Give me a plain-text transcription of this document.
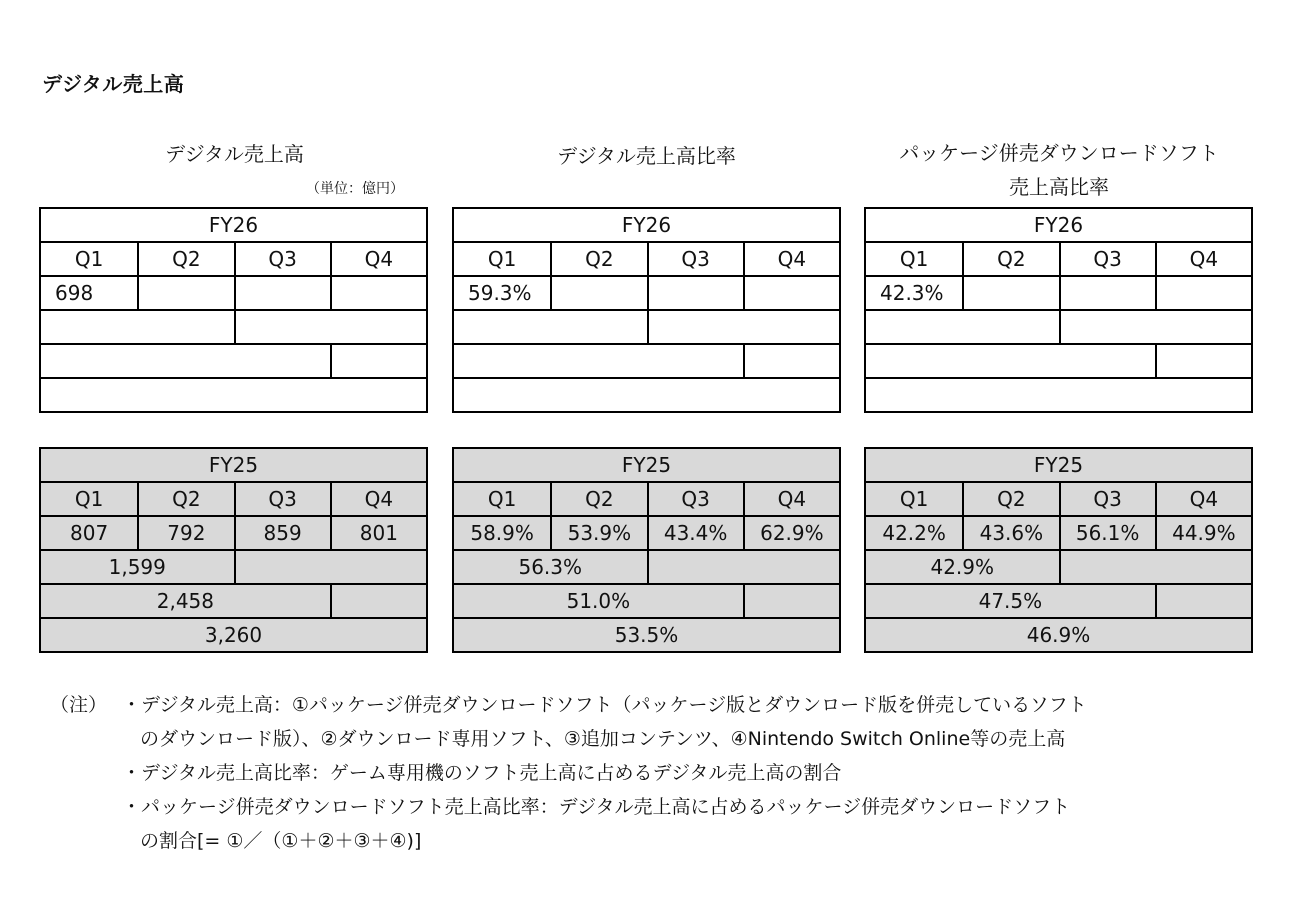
デジタル売上高
デジタル売上高
（単位：億円）
デジタル売上高比率	パッケージ併売ダウンロードソフト
売上高比率
FY26
Q1	Q2	Q3	Q4
698
FY26
Q1	Q2	Q3	Q4
59.3%
FY26
Q1	Q2	Q3	Q4
42.3%
FY25
Q1	Q2	Q3	Q4
807	792	859	801
1,599
2,458
3,260
FY25
Q1	Q2	Q3	Q4
58.9%	53.9%	43.4%	62.9%
56.3%
51.0%
53.5%
FY25
Q1	Q2	Q3	Q4
42.2%	43.6%	56.1%	44.9%
42.9%
47.5%
46.9%
（注） ・デジタル売上高：①パッケージ併売ダウンロードソフト（パッケージ版とダウンロード版を併売しているソフト
のダウンロード版）、②ダウンロード専用ソフト、③追加コンテンツ、④Nintendo Switch Online等の売上高
・デジタル売上高比率：ゲーム専用機のソフト売上高に占めるデジタル売上高の割合
・パッケージ併売ダウンロードソフト売上高比率：デジタル売上高に占めるパッケージ併売ダウンロードソフト
の割合[= ①／（①＋②＋③＋④)]
